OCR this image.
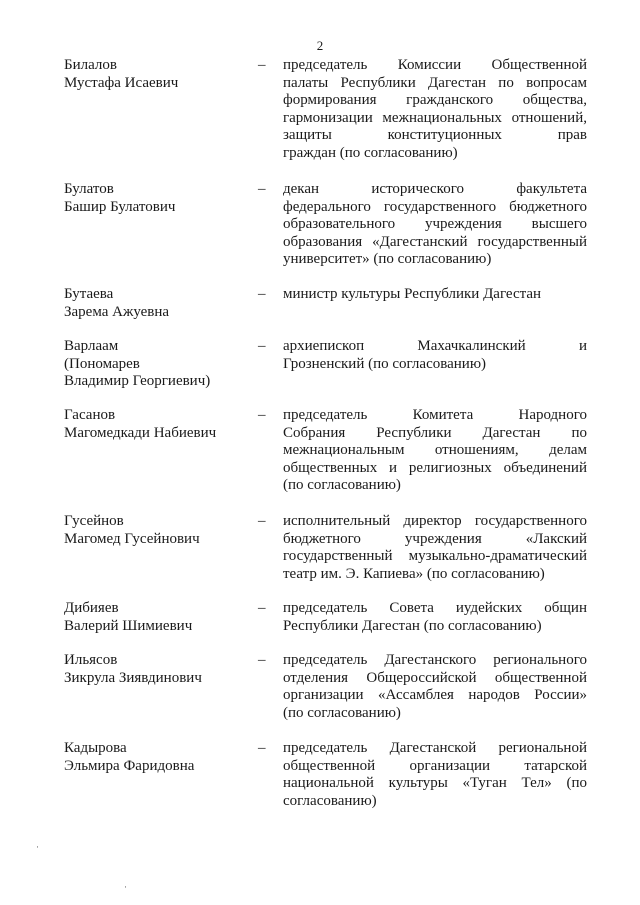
2
Билалов
Мустафа Исаевич
– председатель Комиссии Общественной
палаты Республики Дагестан по вопросам
формирования гражданского общества,
гармонизации межнациональных отношений,
защиты конституционных прав
граждан (по согласованию)
Булатов
Башир Булатович
– декан исторического факультета
федерального государственного бюджетного
образовательного учреждения высшего
образования «Дагестанский государственный
университет» (по согласованию)
Бутаева
Зарема Ажуевна
– министр культуры Республики Дагестан
Варлаам
(Пономарев
Владимир Георгиевич)
– архиепископ Махачкалинский и
Грозненский (по согласованию)
Гасанов
Магомедкади Набиевич
– председатель Комитета Народного
Собрания Республики Дагестан по
межнациональным отношениям, делам
общественных и религиозных объединений
(по согласованию)
Гусейнов
Магомед Гусейнович
– исполнительный директор государственного
бюджетного учреждения «Лакский
государственный музыкально-драматический
театр им. Э. Капиева» (по согласованию)
Дибияев
Валерий Шимиевич
– председатель Совета иудейских общин
Республики Дагестан (по согласованию)
Ильясов
Зикрула Зиявдинович
– председатель Дагестанского регионального
отделения Общероссийской общественной
организации «Ассамблея народов России»
(по согласованию)
Кадырова
Эльмира Фаридовна
– председатель Дагестанской региональной
общественной организации татарской
национальной культуры «Туган Тел» (по
согласованию)
·
·
